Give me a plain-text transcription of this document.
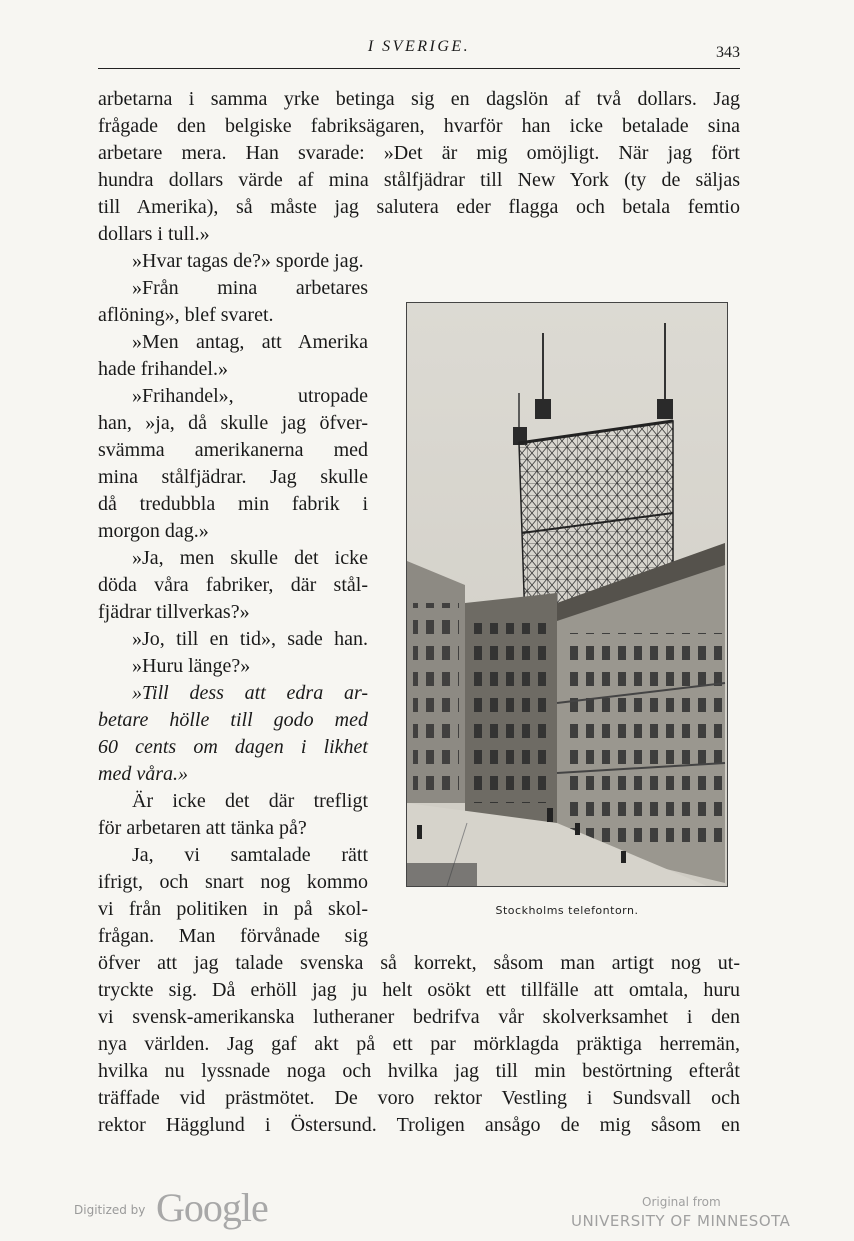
I SVERIGE.	343
arbetarna i samma yrke betinga sig en dagslön af två dollars. Jag
frågade den belgiske fabriksägaren, hvarför han icke betalade sina
arbetare mera. Han svarade: »Det är mig omöjligt. När jag fört
hundra dollars värde af mina stålfjädrar till New York (ty de säljas
till Amerika), så måste jag salutera eder flagga och betala femtio
dollars i tull.»
»Hvar tagas de?» sporde jag.
»Från mina arbetares
aflöning», blef svaret.
»Men antag, att Amerika
hade frihandel.»
»Frihandel», utropade
han, »ja, då skulle jag öfver-
svämma amerikanerna med
mina stålfjädrar. Jag skulle
då tredubbla min fabrik i
morgon dag.»
»Ja, men skulle det icke
döda våra fabriker, där stål-
fjädrar tillverkas?»
»Jo, till en tid», sade han.
»Huru länge?»
»Till dess att edra ar-
betare hölle till godo med
60 cents om dagen i likhet
med våra.»
Är icke det där trefligt
för arbetaren att tänka på?
Ja, vi samtalade rätt
ifrigt, och snart nog kommo
vi från politiken in på skol-
frågan. Man förvånade sig
öfver att jag talade svenska så korrekt, såsom man artigt nog ut-
tryckte sig. Då erhöll jag ju helt osökt ett tillfälle att omtala, huru
vi svensk-amerikanska lutheraner bedrifva vår skolverksamhet i den
nya världen. Jag gaf akt på ett par mörklagda präktiga herremän,
hvilka nu lyssnade noga och hvilka jag till min bestörtning efteråt
träffade vid prästmötet. De voro rektor Vestling i Sundsvall och
rektor Hägglund i Östersund. Troligen ansågo de mig såsom en
Stockholms telefontorn.
Digitized by Google	Original from
UNIVERSITY OF MINNESOTA
